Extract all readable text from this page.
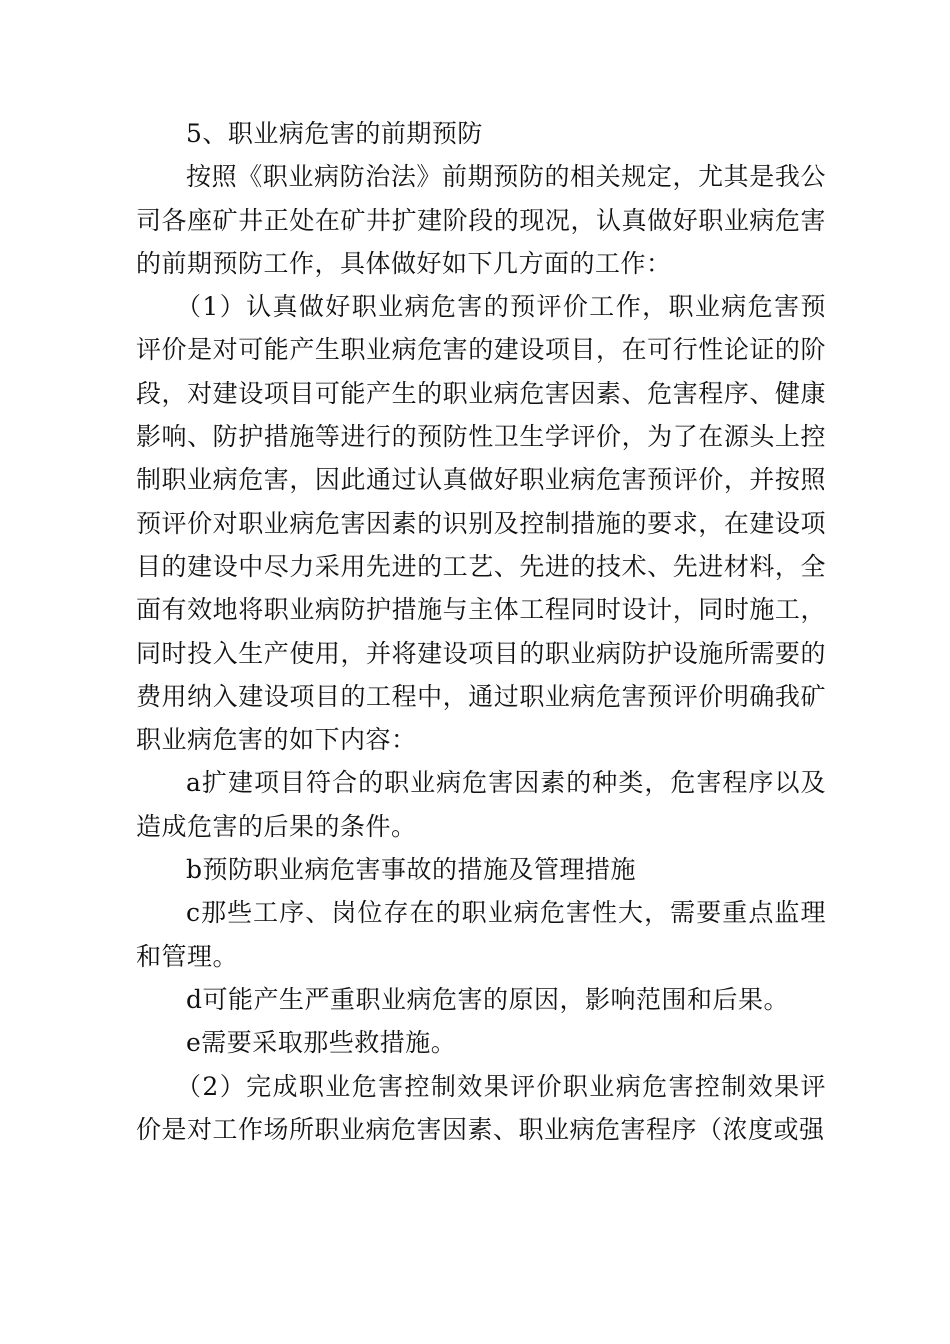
5、职业病危害的前期预防

按照《职业病防治法》前期预防的相关规定，尤其是我公司各座矿井正处在矿井扩建阶段的现况，认真做好职业病危害的前期预防工作，具体做好如下几方面的工作：

（1）认真做好职业病危害的预评价工作，职业病危害预评价是对可能产生职业病危害的建设项目，在可行性论证的阶段，对建设项目可能产生的职业病危害因素、危害程序、健康影响、防护措施等进行的预防性卫生学评价，为了在源头上控制职业病危害，因此通过认真做好职业病危害预评价，并按照预评价对职业病危害因素的识别及控制措施的要求，在建设项目的建设中尽力采用先进的工艺、先进的技术、先进材料，全面有效地将职业病防护措施与主体工程同时设计，同时施工，同时投入生产使用，并将建设项目的职业病防护设施所需要的费用纳入建设项目的工程中，通过职业病危害预评价明确我矿职业病危害的如下内容：

a扩建项目符合的职业病危害因素的种类，危害程序以及造成危害的后果的条件。

b预防职业病危害事故的措施及管理措施

c那些工序、岗位存在的职业病危害性大，需要重点监理和管理。

d可能产生严重职业病危害的原因，影响范围和后果。

e需要采取那些救措施。

（2）完成职业危害控制效果评价职业病危害控制效果评价是对工作场所职业病危害因素、职业病危害程序（浓度或强
